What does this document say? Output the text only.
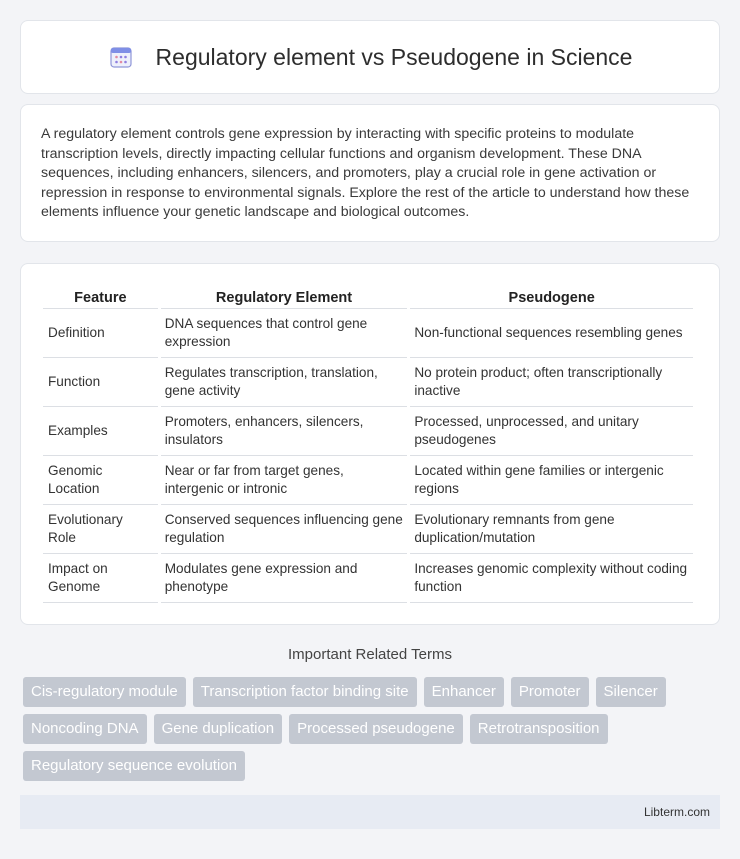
Regulatory element vs Pseudogene in Science

A regulatory element controls gene expression by interacting with specific proteins to modulate transcription levels, directly impacting cellular functions and organism development. These DNA sequences, including enhancers, silencers, and promoters, play a crucial role in gene activation or repression in response to environmental signals. Explore the rest of the article to understand how these elements influence your genetic landscape and biological outcomes.

Feature	Regulatory Element	Pseudogene
Definition	DNA sequences that control gene expression	Non-functional sequences resembling genes
Function	Regulates transcription, translation, gene activity	No protein product; often transcriptionally inactive
Examples	Promoters, enhancers, silencers, insulators	Processed, unprocessed, and unitary pseudogenes
Genomic Location	Near or far from target genes, intergenic or intronic	Located within gene families or intergenic regions
Evolutionary Role	Conserved sequences influencing gene regulation	Evolutionary remnants from gene duplication/mutation
Impact on Genome	Modulates gene expression and phenotype	Increases genomic complexity without coding function
Important Related Terms
Cis-regulatory module	Transcription factor binding site	Enhancer	Promoter	Silencer
Noncoding DNA	Gene duplication	Processed pseudogene	Retrotransposition
Regulatory sequence evolution
Libterm.com
